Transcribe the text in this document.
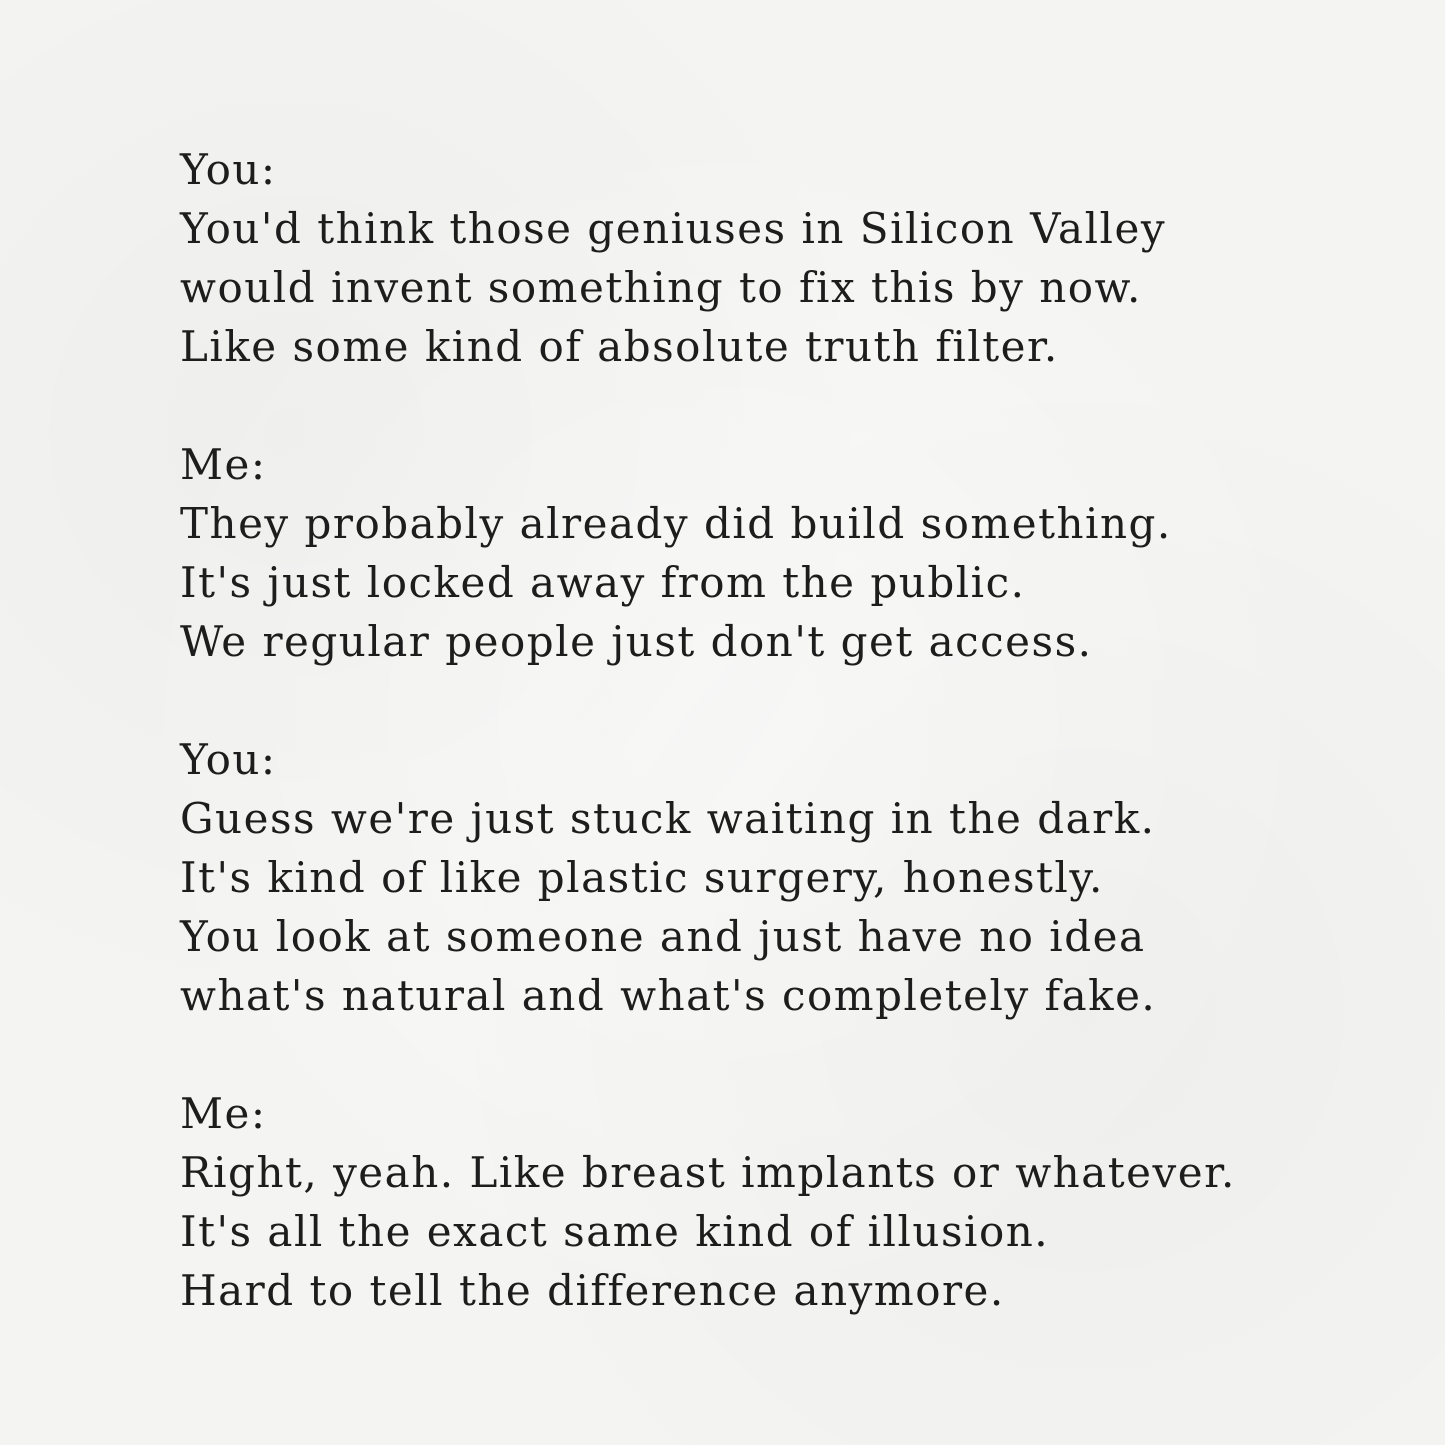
You:
You'd think those geniuses in Silicon Valley
would invent something to fix this by now.
Like some kind of absolute truth filter.
Me:
They probably already did build something.
It's just locked away from the public.
We regular people just don't get access.
You:
Guess we're just stuck waiting in the dark.
It's kind of like plastic surgery, honestly.
You look at someone and just have no idea
what's natural and what's completely fake.
Me:
Right, yeah. Like breast implants or whatever.
It's all the exact same kind of illusion.
Hard to tell the difference anymore.
